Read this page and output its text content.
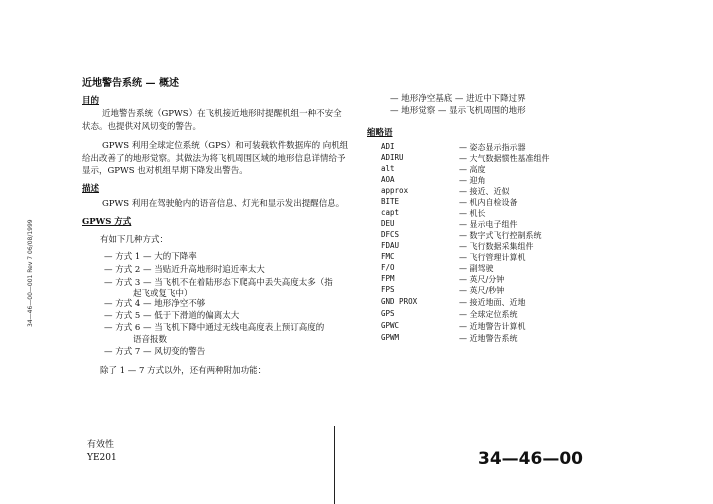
近地警告系统 — 概述
目的
近地警告系统（GPWS）在飞机接近地形时提醒机组一种不安全状态。也提供对风切变的警告。
GPWS 利用全球定位系统（GPS）和可装载软件数据库的 向机组给出改善了的地形觉察。其做法为将飞机周围区域的地形信息详情给予显示，GPWS 也对机组早期下降发出警告。
描述
GPWS 利用在驾驶舱内的语音信息、灯光和显示发出提醒信息。
GPWS 方式
有如下几种方式：
— 方式 1 — 大的下降率
— 方式 2 — 当贴近升高地形时追近率太大
— 方式 3 — 当飞机不在着陆形态下爬高中丢失高度太多（指
起飞或复飞中）
— 方式 4 — 地形净空不够
— 方式 5 — 低于下滑道的偏离太大
— 方式 6 — 当飞机下降中通过无线电高度表上预订高度的
语音报数
— 方式 7 — 风切变的警告
除了 1 — 7 方式以外，还有两种附加功能：
— 地形净空基底 — 进近中下降过界
— 地形觉察 — 显示飞机周围的地形
缩略语
ADI	— 姿态显示指示器
ADIRU	— 大气数据惯性基准组件
alt	— 高度
AOA	— 迎角
approx	— 接近、近似
BITE	— 机内自检设备
capt	— 机长
DEU	— 显示电子组件
DFCS	— 数字式飞行控制系统
FDAU	— 飞行数据采集组件
FMC	— 飞行管理计算机
F/O	— 副驾驶
FPM	— 英尺/分钟
FPS	— 英尺/秒钟
GND PROX	— 接近地面、近地
GPS	— 全球定位系统
GPWC	— 近地警告计算机
GPWM	— 近地警告系统
34—46—00—001 Rev 7 06/08/1999
有效性
YE201	34—46—00
